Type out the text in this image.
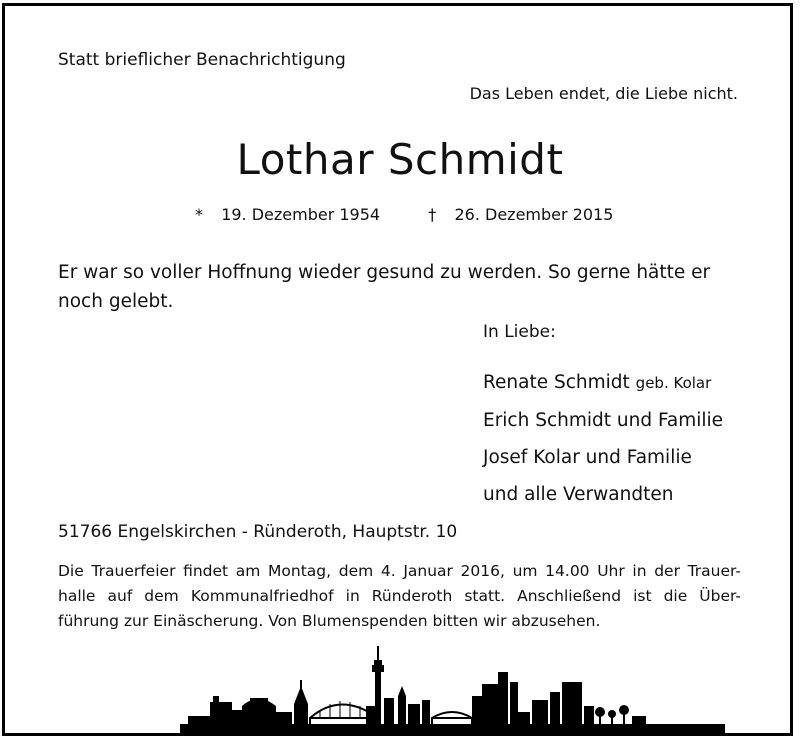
Statt brieflicher Benachrichtigung
Das Leben endet, die Liebe nicht.
Lothar Schmidt
* 19. Dezember 1954	† 26. Dezember 2015
Er war so voller Hoffnung wieder gesund zu werden. So gerne hätte er noch gelebt.
In Liebe:
Renate Schmidt geb. Kolar
Erich Schmidt und Familie
Josef Kolar und Familie
und alle Verwandten
51766 Engelskirchen - Ründeroth, Hauptstr. 10
Die Trauerfeier findet am Montag, dem 4. Januar 2016, um 14.00 Uhr in der Trauer-
halle auf dem Kommunalfriedhof in Ründeroth statt. Anschließend ist die Über-
führung zur Einäscherung. Von Blumenspenden bitten wir abzusehen.
